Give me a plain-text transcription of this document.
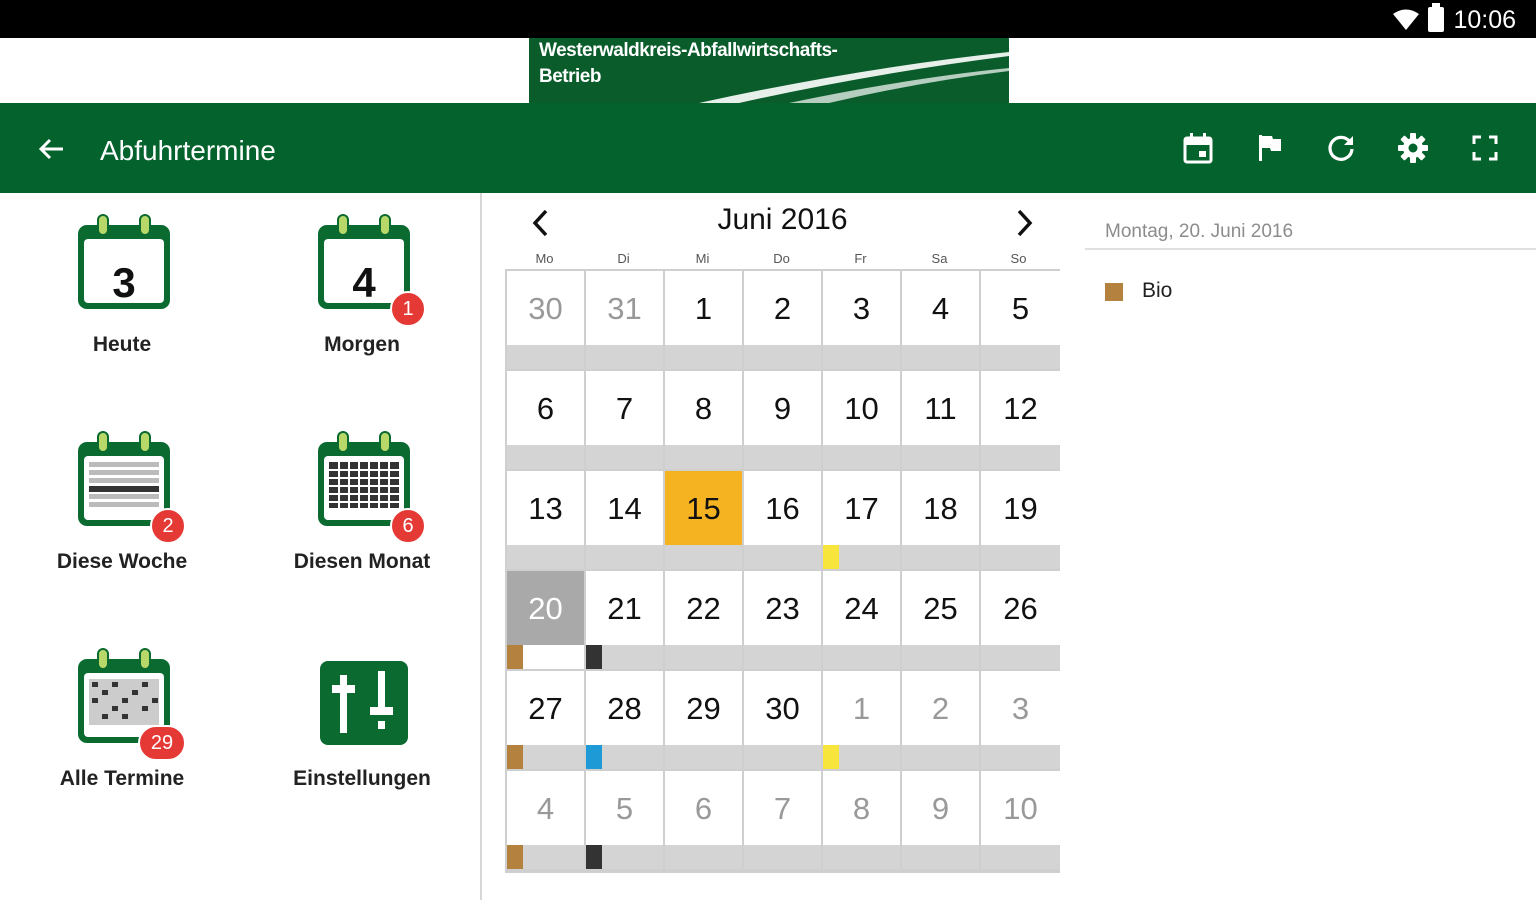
10:06
Westerwaldkreis-Abfallwirtschafts-
Betrieb
Abfuhrtermine
3
Heute
4
1
Morgen
2
Diese Woche
6
Diesen Monat
29
Alle Termine	Einstellungen
Juni 2016
Mo	Di	Mi	Do	Fr	Sa	So
30	31	1	2	3	4	5
6	7	8	9	10	11	12
13	14	15	16	17	18	19
20	21	22	23	24	25	26
27	28	29	30	1	2	3
4	5	6	7	8	9	10
Montag, 20. Juni 2016
Bio
